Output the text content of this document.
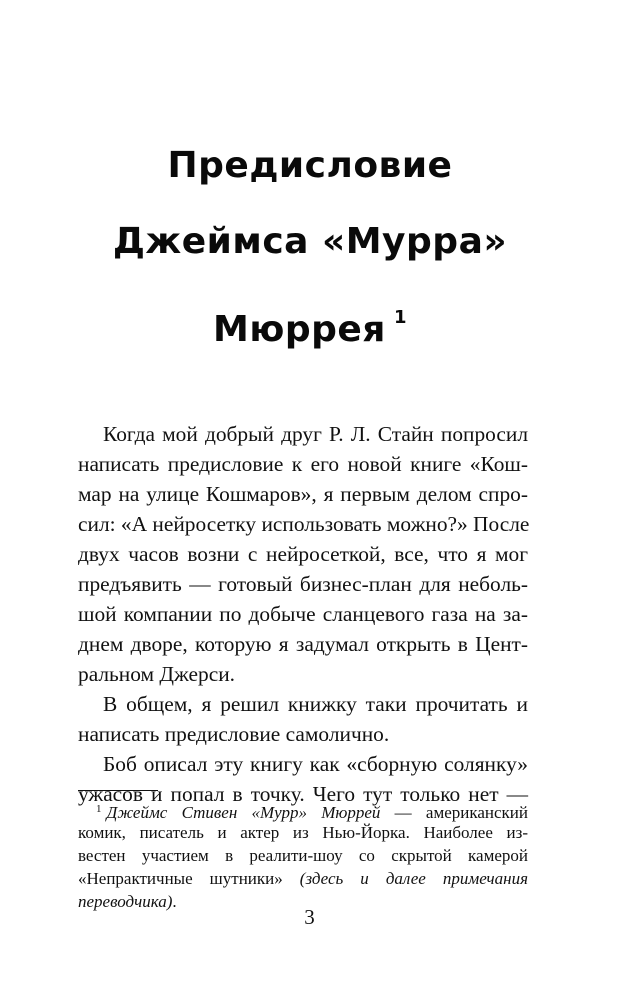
Предисловие
Джеймса «Мурра»
Мюррея $^1$
Когда мой добрый друг Р. Л. Стайн попросил
написать предисловие к его новой книге «Кош-
мар на улице Кошмаров», я первым делом спро-
сил: «А нейросетку использовать можно?» После
двух часов возни с нейросеткой, все, что я мог
предъявить — готовый бизнес-план для неболь-
шой компании по добыче сланцевого газа на за-
днем дворе, которую я задумал открыть в Цент-
ральном Джерси.
В общем, я решил книжку таки прочитать и
написать предисловие самолично.
Боб описал эту книгу как «сборную солянку»
ужасов и попал в точку. Чего тут только нет —
$^1$ Джеймс Стивен «Мурр» Мюррей — американский
комик, писатель и актер из Нью-Йорка. Наиболее из-
вестен участием в реалити-шоу со скрытой камерой
«Непрактичные шутники» (здесь и далее примечания
переводчика).
3
